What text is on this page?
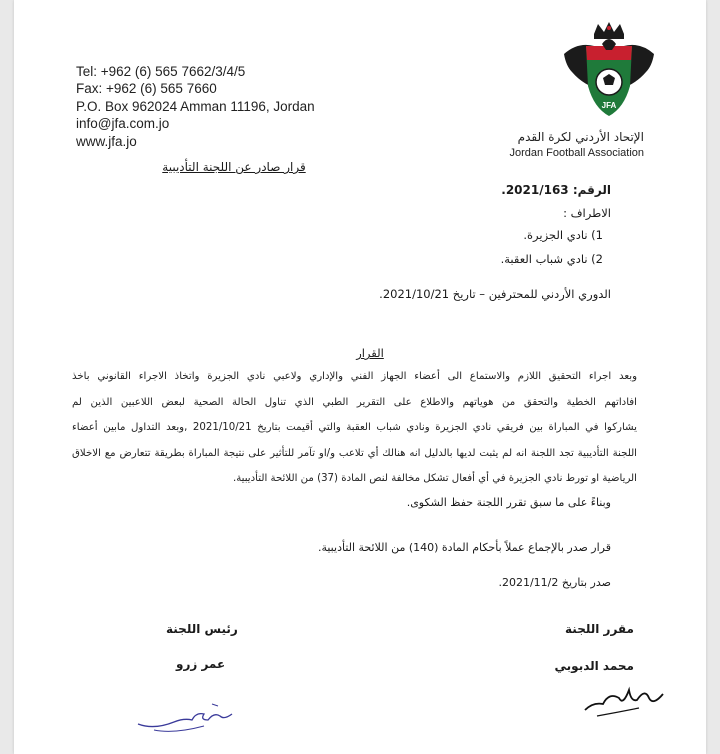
Tel: +962 (6) 565 7662/3/4/5
Fax: +962 (6) 565 7660
P.O. Box 962024 Amman 11196, Jordan
info@jfa.com.jo
www.jfa.jo
JFA
الإتحاد الأردني لكرة القدم
Jordan Football Association
قرار صادر عن اللجنة التأديبية
الرقم: 2021/163.
الاطراف :
1) نادي الجزيرة.
2) نادي شباب العقبة.
الدوري الأردني للمحترفين – تاريخ 2021/10/21.
القرار
وبعد اجراء التحقيق اللازم والاستماع الى أعضاء الجهاز الفني والإداري ولاعبي نادي الجزيرة واتخاذ الاجراء القانوني باخذ
افاداتهم الخطية والتحقق من هوياتهم والاطلاع على التقرير الطبي الذي تناول الحالة الصحية لبعض اللاعبين الذين لم
يشاركوا في المباراة بين فريقي نادي الجزيرة ونادي شباب العقبة والتي أقيمت بتاريخ 2021/10/21 ,وبعد التداول مابين أعضاء
اللجنة التأديبية تجد اللجنة انه لم يثبت لديها بالدليل انه هنالك أي تلاعب و/او تآمر للتأثير على نتيجة المباراة بطريقة تتعارض مع الاخلاق
الرياضية او تورط نادي الجزيرة في أي أفعال تشكل مخالفة لنص المادة (37) من اللائحة التأديبية.
وبناءً على ما سبق تقرر اللجنة حفظ الشكوى.
قرار صدر بالإجماع عملاً بأحكام المادة (140) من اللائحة التأديبية.
صدر بتاريخ 2021/11/2.
مقرر اللجنة
رئيس اللجنة
محمد الدبوبي
عمر زرو
